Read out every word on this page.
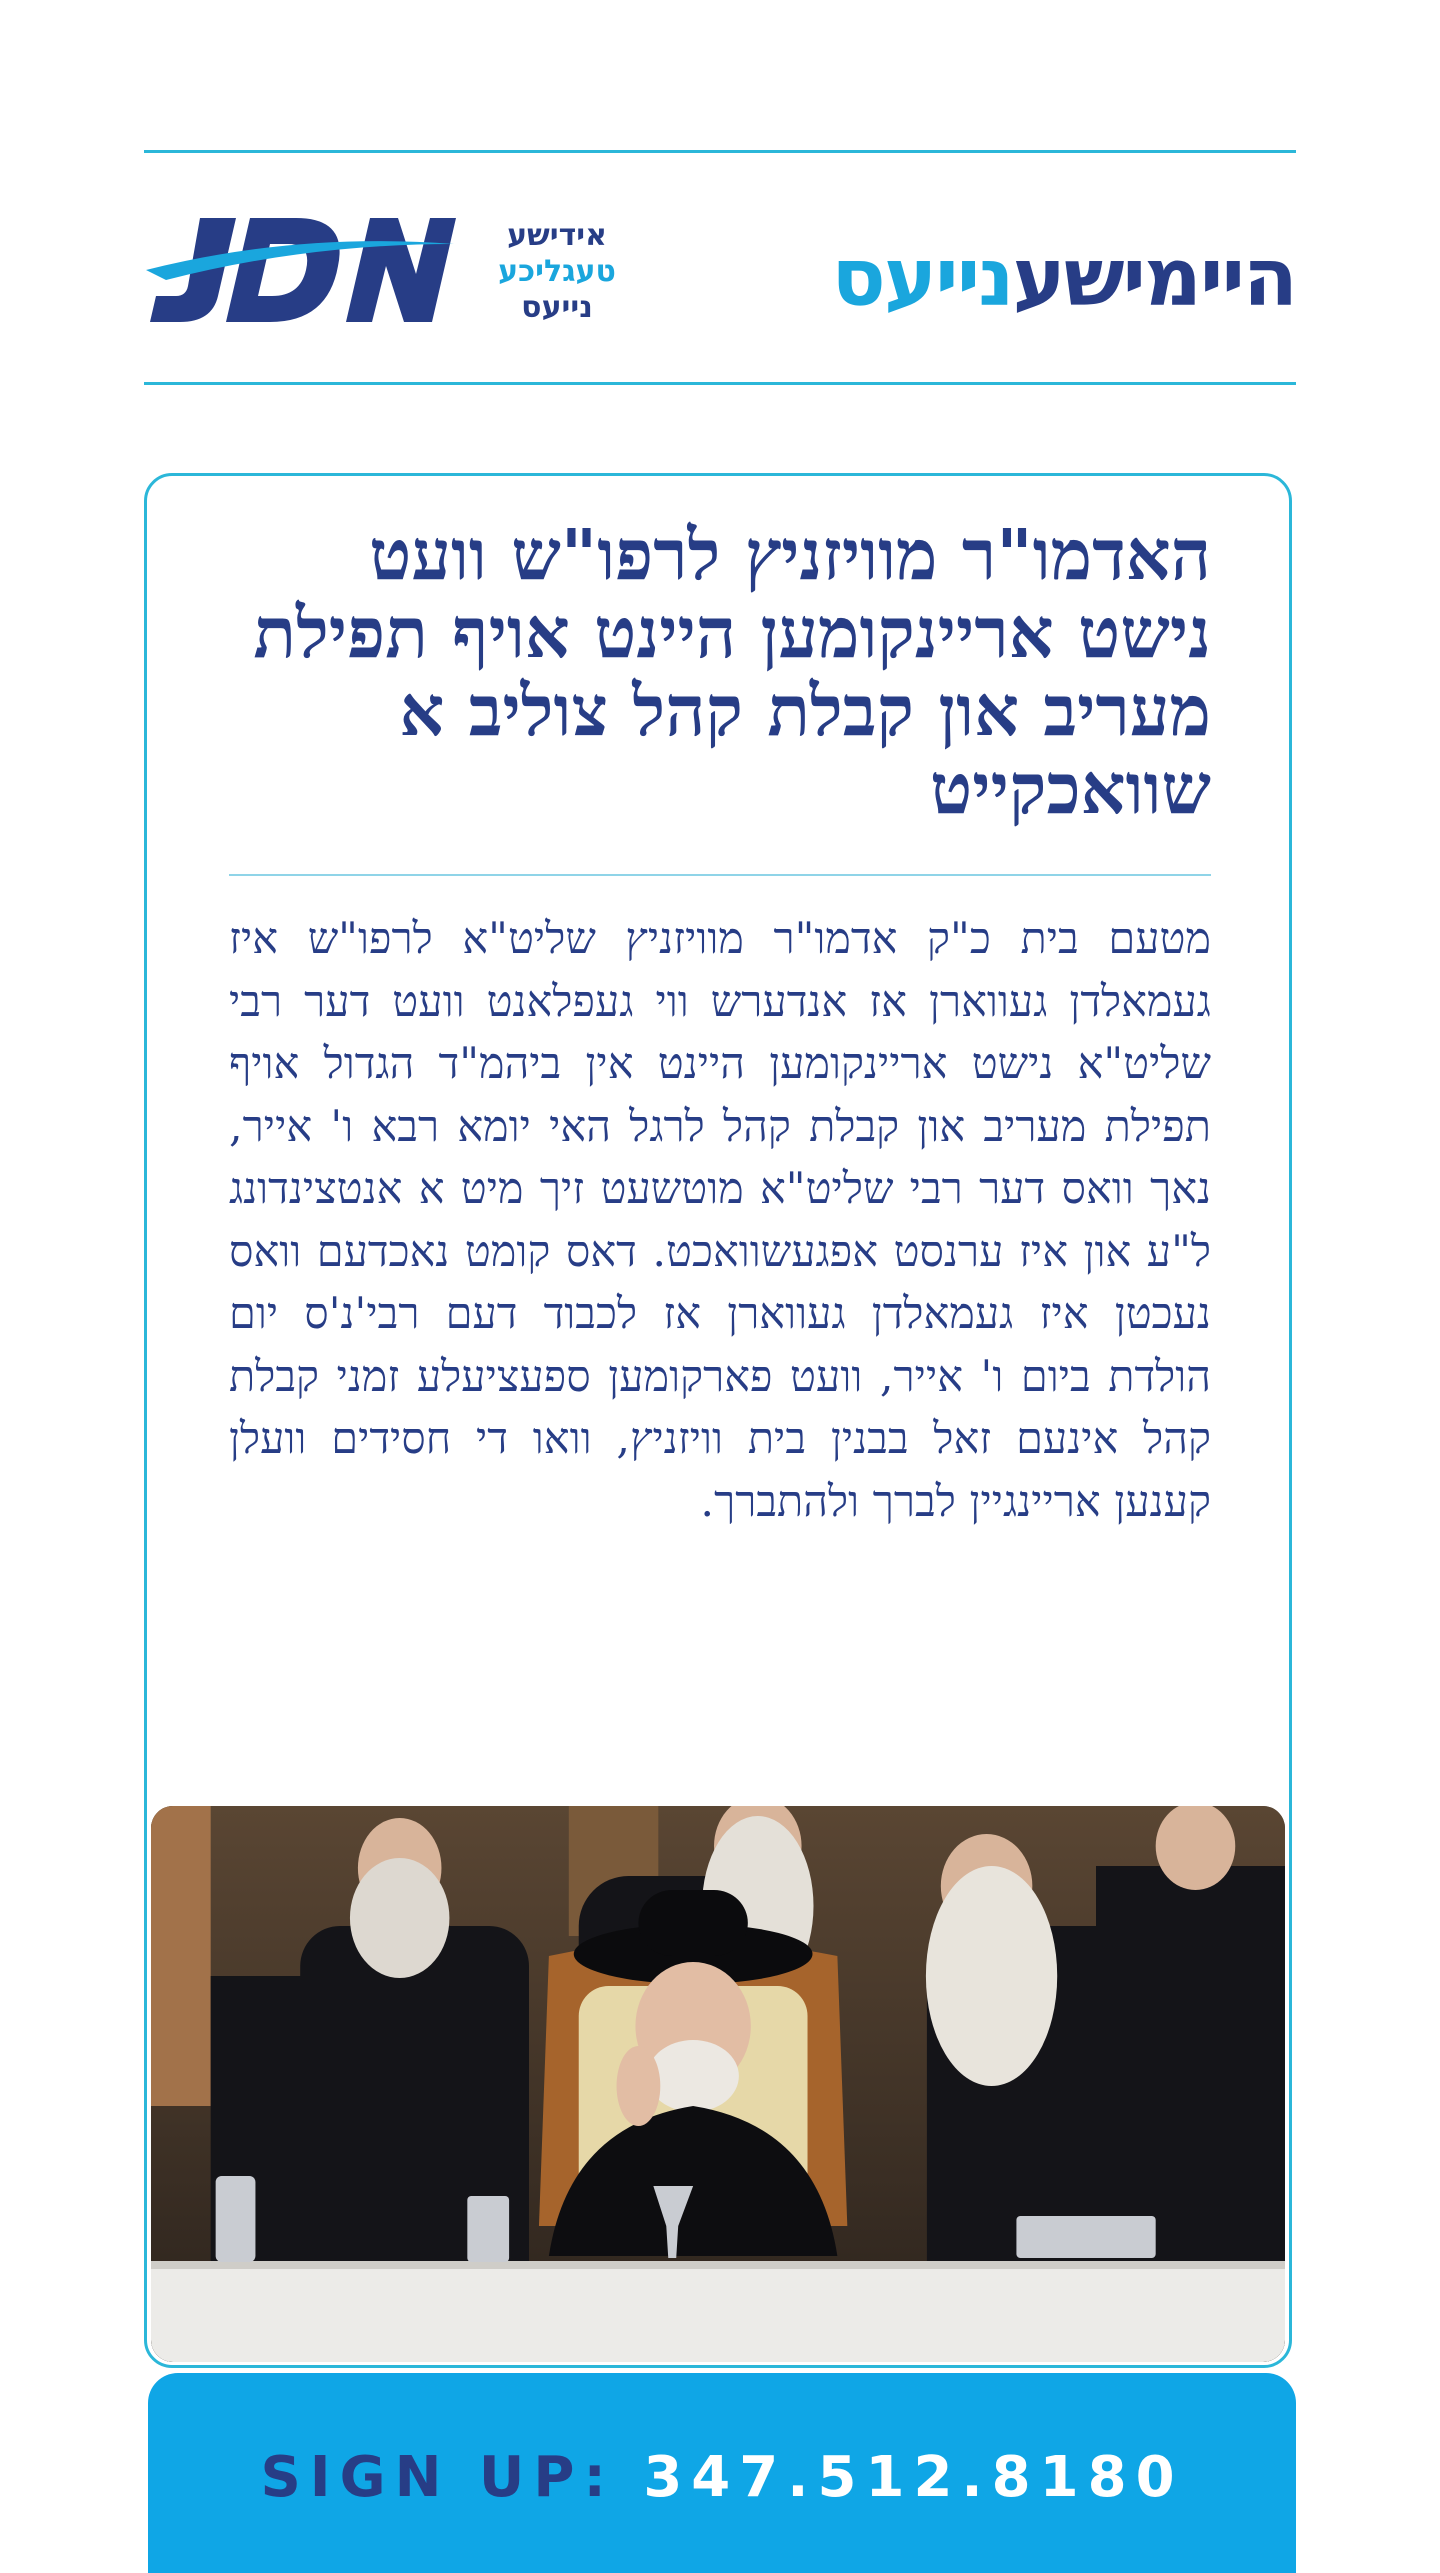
אידישע
טעגליכע
נייעס	היימישענייעס
האדמו"ר מוויזניץ לרפו"ש וועט נישט אריינקומען היינט אויף תפילת מעריב און קבלת קהל צוליב א שוואכקייט

מטעם בית כ"ק אדמו"ר מוויזניץ שליט"א לרפו"ש איז געמאלדן געווארן אז אנדערש ווי געפלאנט וועט דער רבי שליט"א נישט אריינקומען היינט אין ביהמ"ד הגדול אויף תפילת מעריב און קבלת קהל לרגל האי יומא רבא ו' אייר, נאך וואס דער רבי שליט"א מוטשעט זיך מיט א אנטצינדונג ל"ע און איז ערנסט אפגעשוואכט. דאס קומט נאכדעם וואס נעכטן איז געמאלדן געווארן אז לכבוד דעם רבי'נ'ס יום הולדת ביום ו' אייר, וועט פארקומען ספעציעלע זמני קבלת קהל אינעם זאל בבנין בית וויזניץ, וואו די חסידים וועלן קענען אריינגיין לברך ולהתברך.

SIGN UP: 347.512.8180
